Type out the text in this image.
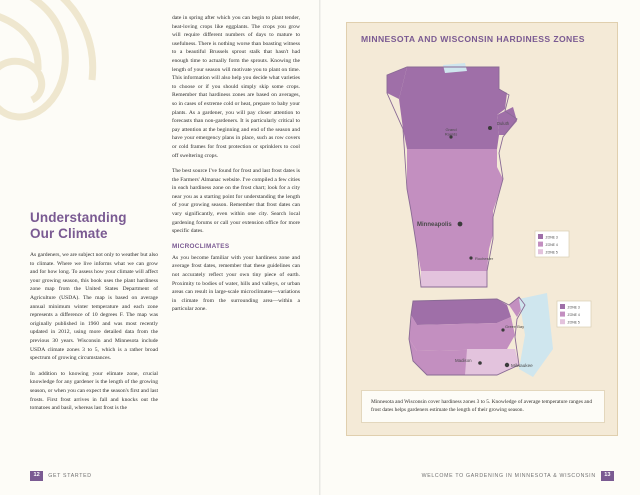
Understanding
Our Climate

As gardeners, we are subject not only to weather but also to climate. Where we live informs what we can grow and for how long. To assess how your climate will affect your growing season, this book uses the plant hardiness zone map from the United States Department of Agriculture (USDA). The map is based on average annual minimum winter temperature and each zone represents a difference of 10 degrees F. The map was originally published in 1960 and was most recently updated in 2012, using more detailed data from the previous 30 years. Wisconsin and Minnesota include USDA climate zones 3 to 5, which is a rather broad spectrum of growing circumstances.

In addition to knowing your elimate zone, crucial knowledge for any gardener is the length of the growing season, or when you can expect the season's first and last frosts. First frost arrives in fall and knocks out the tomatoes and basil, whereas last frost is the

date in spring after which you can begin to plant tender, heat-loving crops like eggplants. The crops you grow will require different numbers of days to mature to usefulness. There is nothing worse than boasting witness to a beautiful Brussels sprout stalk that hasn't had enough time to actually form the sprouts. Knowing the length of your season will motivate you to plant on time. This information will also help you decide what varieties to choose or if you should simply skip some crops. Remember that hardiness zones are based on averages, so in cases of extreme cold or heat, prepare to baby your plants. As a gardener, you will pay closer attention to forecasts than non-gardeners. It is particularly critical to pay attention at the beginning and end of the season and have your emergency plans in place, such as row covers or cold frames for frost protection or sprinklers to cool off sweltering crops.

The best source I've found for frost and last frost dates is the Farmers' Almanac website. I've compiled a few cities in each hardiness zone on the frost chart; look for a city near you as a starting point for understanding the length of your growing season. Remember that frost dates can vary significantly, even within one city. Search local gardening forums or call your extension office for more specific dates.

MICROCLIMATES

As you become familiar with your hardiness zone and average frost dates, remember that these guidelines can not accurately reflect your own tiny piece of earth. Proximity to bodies of water, hills and valleys, or urban areas can result in large-scale microclimates—variations in climate from the surrounding area—within a particular zone.

12	GET STARTED
MINNESOTA AND WISCONSIN HARDINESS ZONES
Duluth
Grand Rapids
Minneapolis
Rochester
ZONE 3
ZONE 4
ZONE 5
Green Bay
Madison
Milwaukee
ZONE 3
ZONE 4
ZONE 5

Minnesota and Wisconsin cover hardiness zones 3 to 5. Knowledge of average temperature ranges and frost dates helps gardeners estimate the length of their growing season.

WELCOME TO GARDENING IN MINNESOTA & WISCONSIN	13
